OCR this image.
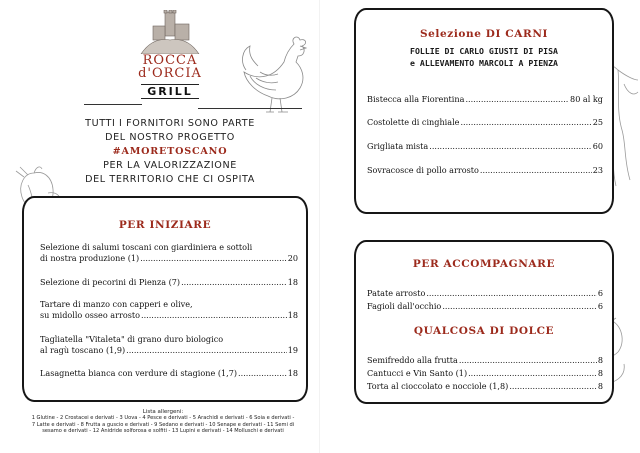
ROCCA
d'ORCIA
GRILL
TUTTI I FORNITORI SONO PARTE
DEL NOSTRO PROGETTO
#AMORETOSCANO
PER LA VALORIZZAZIONE
DEL TERRITORIO CHE CI OSPITA
PER INIZIARE
Selezione di salumi toscani con giardiniera e sottoli
di nostra produzione (1) .....	20
Selezione di pecorini di Pienza (7) .....	18
Tartare di manzo con capperi e olive,
su midollo osseo arrosto .....	18
Tagliatella "Vitaleta" di grano duro biologico
al ragù toscano (1,9) .....	19
Lasagnetta bianca con verdure di stagione (1,7) .....	18
Lista allergeni:
1 Glutine - 2 Crostacei e derivati - 3 Uova - 4 Pesce e derivati - 5 Arachidi e derivati - 6 Soia e derivati -
7 Latte e derivati - 8 Frutta a guscio e derivati - 9 Sedano e derivati - 10 Senape e derivati - 11 Semi di
sesamo e derivati - 12 Anidride solforosa e solfiti - 13 Lupini e derivati - 14 Molluschi e derivati
Selezione DI CARNI
FOLLIE DI CARLO GIUSTI DI PISA
e ALLEVAMENTO MARCOLI A PIENZA
Bistecca alla Fiorentina .....	80 al kg
Costolette di cinghiale .....	25
Grigliata mista .....	60
Sovracosce di pollo arrosto .....	23
PER ACCOMPAGNARE
Patate arrosto .....	6
Fagioli dall'occhio .....	6
QUALCOSA DI DOLCE
Semifreddo alla frutta .....	8
Cantucci e Vin Santo (1) .....	8
Torta al cioccolato e nocciole (1,8) .....	8
